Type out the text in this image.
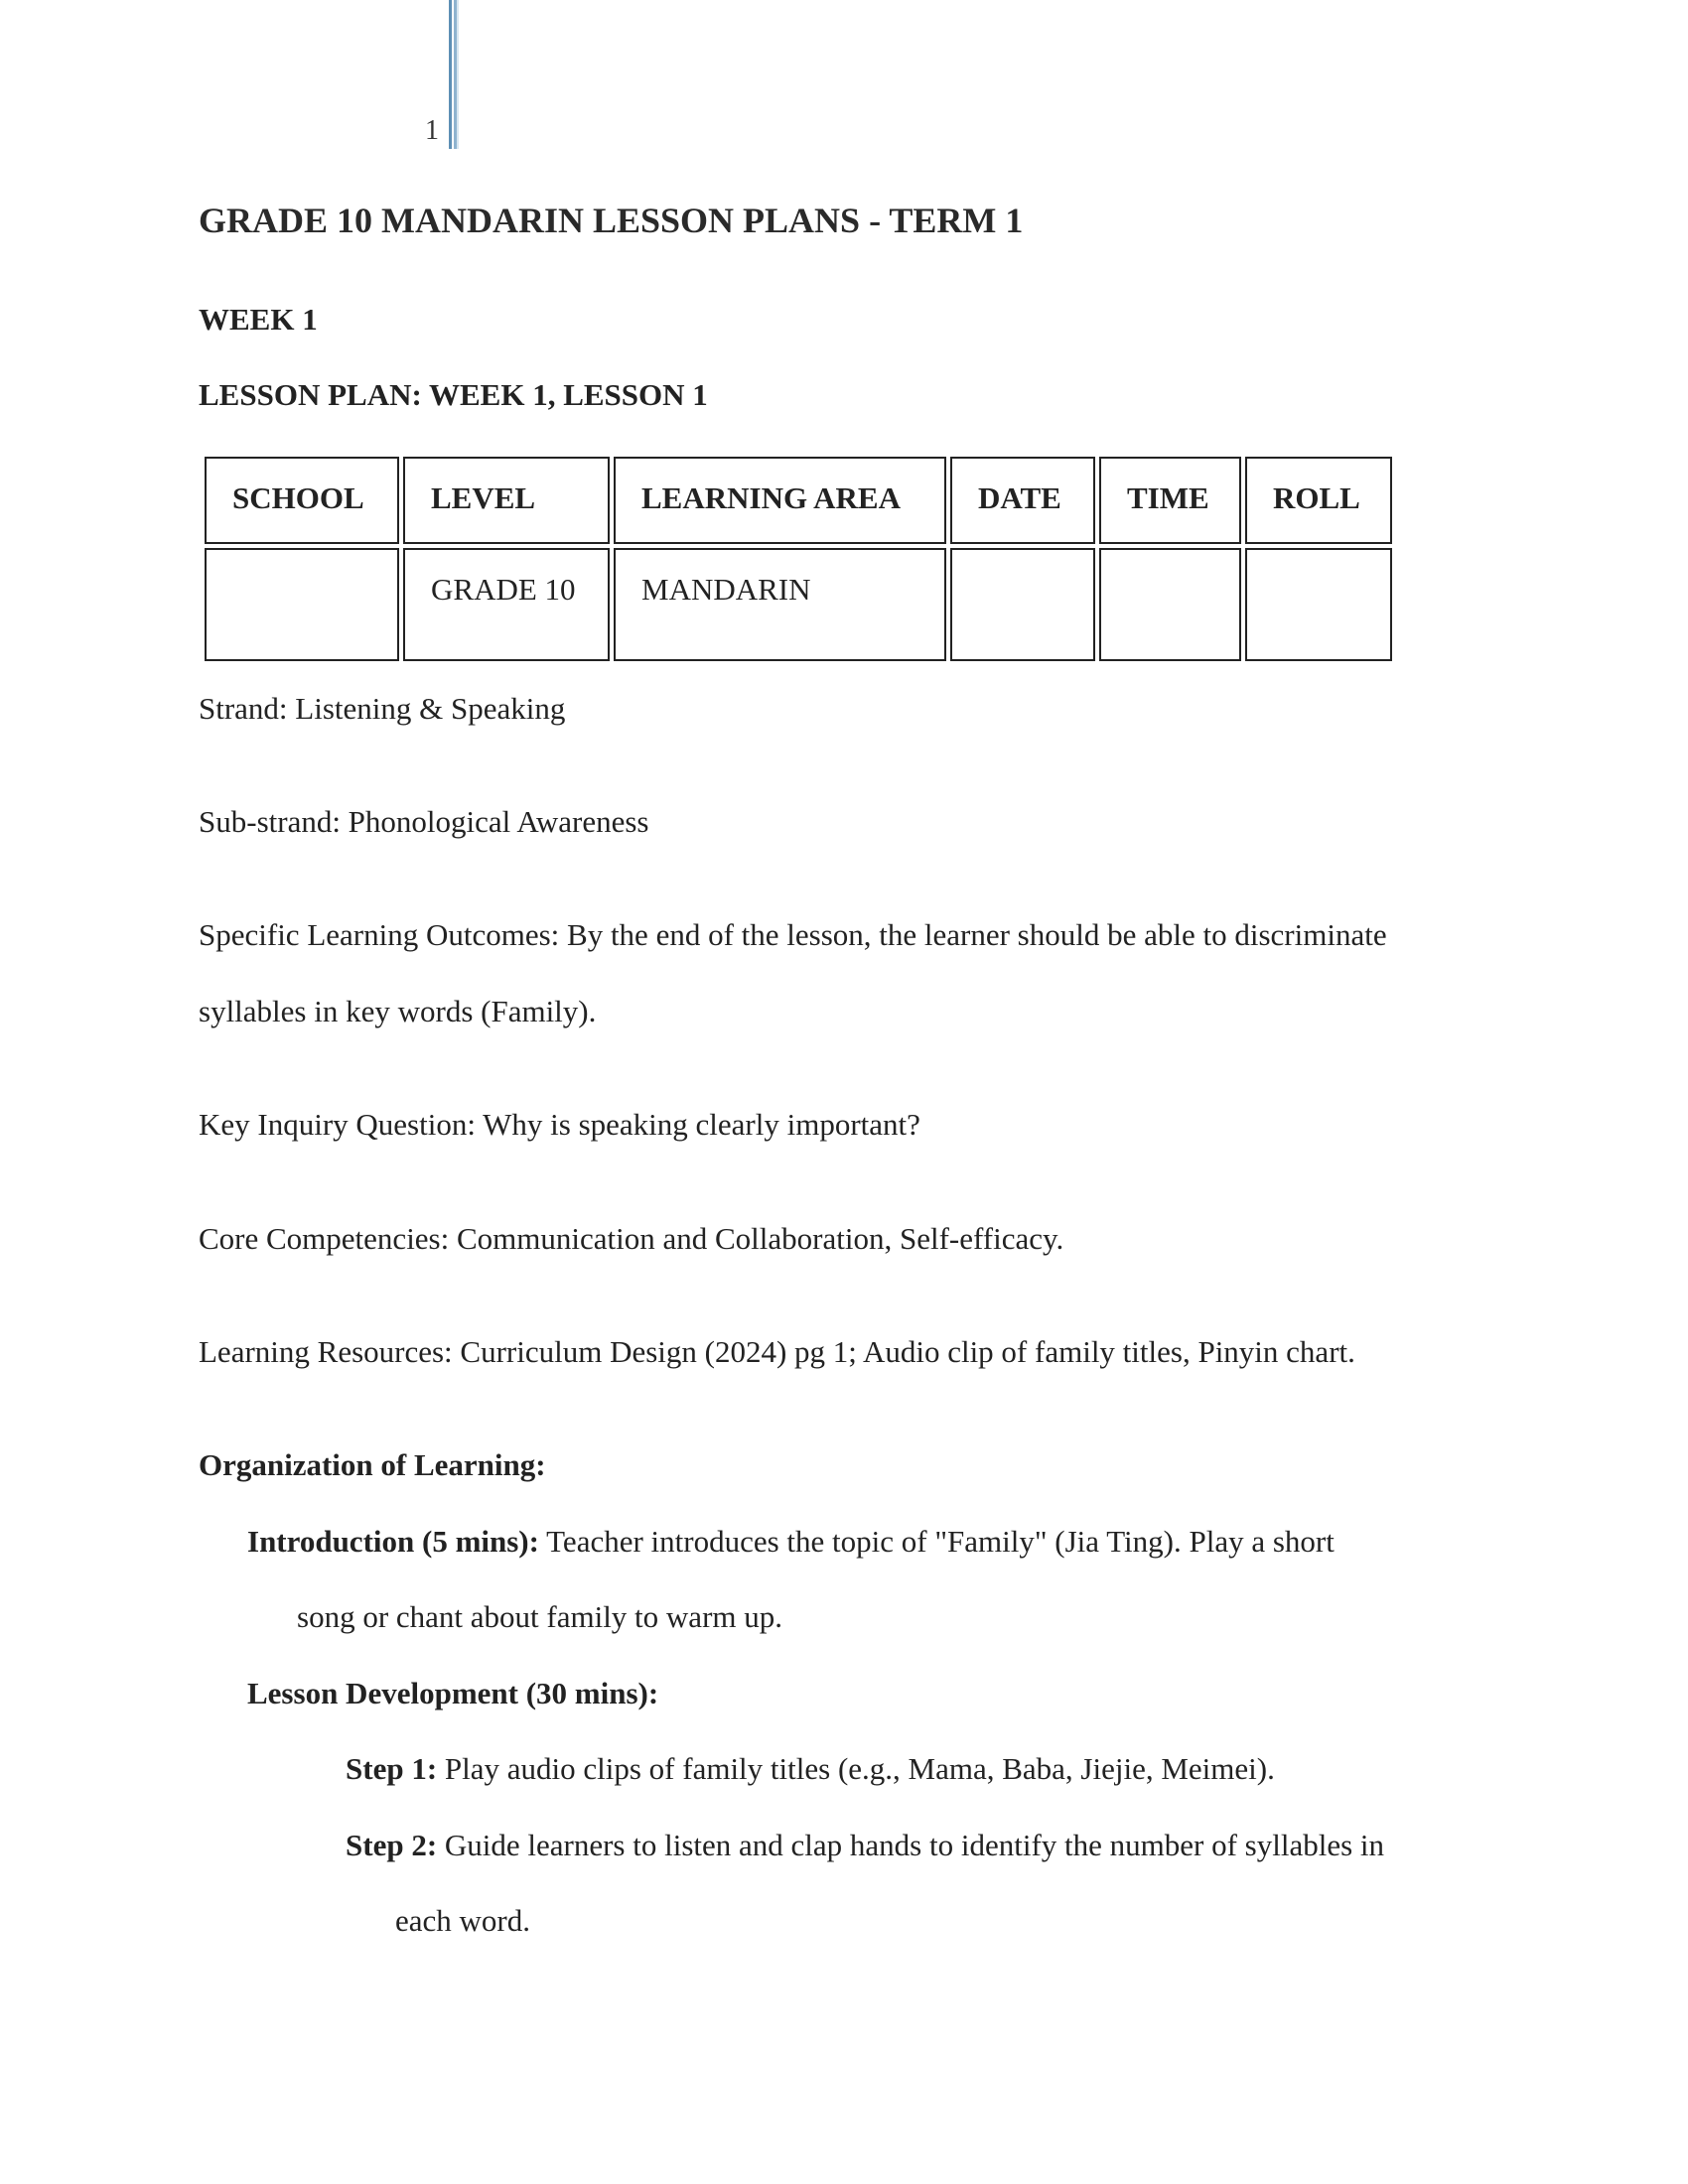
1
GRADE 10 MANDARIN LESSON PLANS - TERM 1
WEEK 1
LESSON PLAN: WEEK 1, LESSON 1
SCHOOL	LEVEL	LEARNING AREA	DATE	TIME	ROLL
	GRADE 10	MANDARIN			

Strand: Listening & Speaking

Sub-strand: Phonological Awareness

Specific Learning Outcomes: By the end of the lesson, the learner should be able to discriminate

syllables in key words (Family).

Key Inquiry Question: Why is speaking clearly important?

Core Competencies: Communication and Collaboration, Self-efficacy.

Learning Resources: Curriculum Design (2024) pg 1; Audio clip of family titles, Pinyin chart.

Organization of Learning:

Introduction (5 mins): Teacher introduces the topic of "Family" (Jia Ting). Play a short

song or chant about family to warm up.

Lesson Development (30 mins):

Step 1: Play audio clips of family titles (e.g., Mama, Baba, Jiejie, Meimei).

Step 2: Guide learners to listen and clap hands to identify the number of syllables in

each word.
